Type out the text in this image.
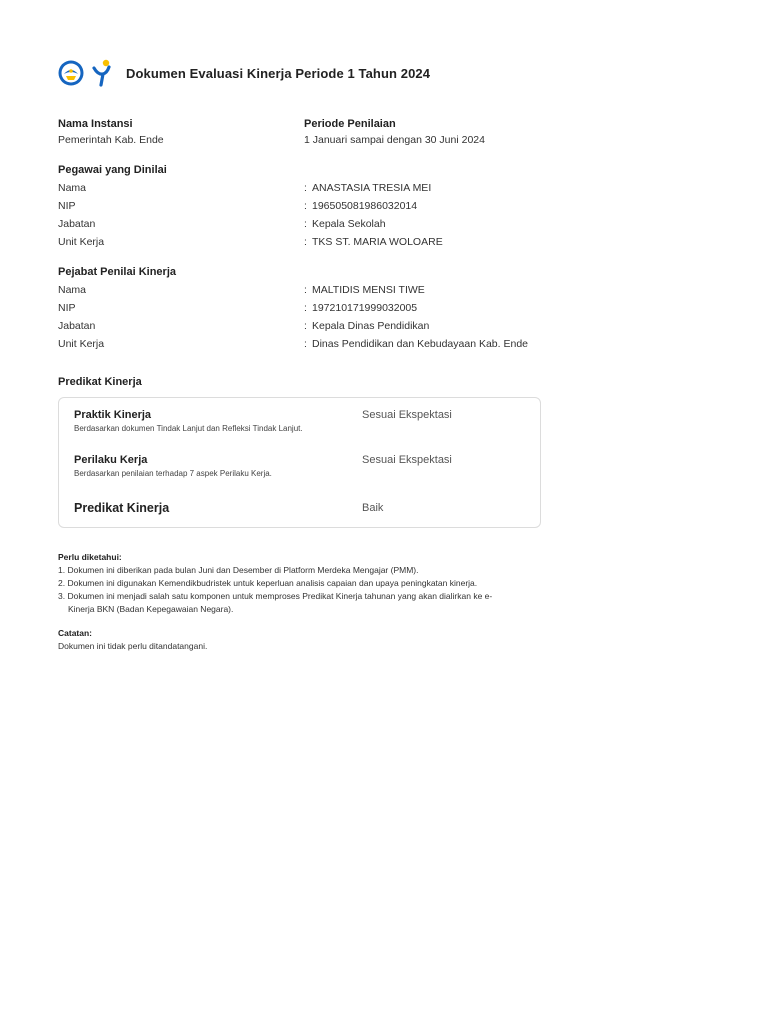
Dokumen Evaluasi Kinerja Periode 1 Tahun 2024
Nama Instansi
Pemerintah Kab. Ende
Periode Penilaian
1 Januari sampai dengan 30 Juni 2024
Pegawai yang Dinilai
Nama	: ANASTASIA TRESIA MEI
NIP	: 196505081986032014
Jabatan	: Kepala Sekolah
Unit Kerja	: TKS ST. MARIA WOLOARE
Pejabat Penilai Kinerja
Nama	: MALTIDIS MENSI TIWE
NIP	: 197210171999032005
Jabatan	: Kepala Dinas Pendidikan
Unit Kerja	: Dinas Pendidikan dan Kebudayaan Kab. Ende
Predikat Kinerja
Praktik Kinerja
Berdasarkan dokumen Tindak Lanjut dan Refleksi Tindak Lanjut.
Sesuai Ekspektasi
Perilaku Kerja
Berdasarkan penilaian terhadap 7 aspek Perilaku Kerja.
Sesuai Ekspektasi
Predikat Kinerja	Baik
Perlu diketahui:
1. Dokumen ini diberikan pada bulan Juni dan Desember di Platform Merdeka Mengajar (PMM).
2. Dokumen ini digunakan Kemendikbudristek untuk keperluan analisis capaian dan upaya peningkatan kinerja.
3. Dokumen ini menjadi salah satu komponen untuk memproses Predikat Kinerja tahunan yang akan dialirkan ke e-
Kinerja BKN (Badan Kepegawaian Negara).
Catatan:
Dokumen ini tidak perlu ditandatangani.
